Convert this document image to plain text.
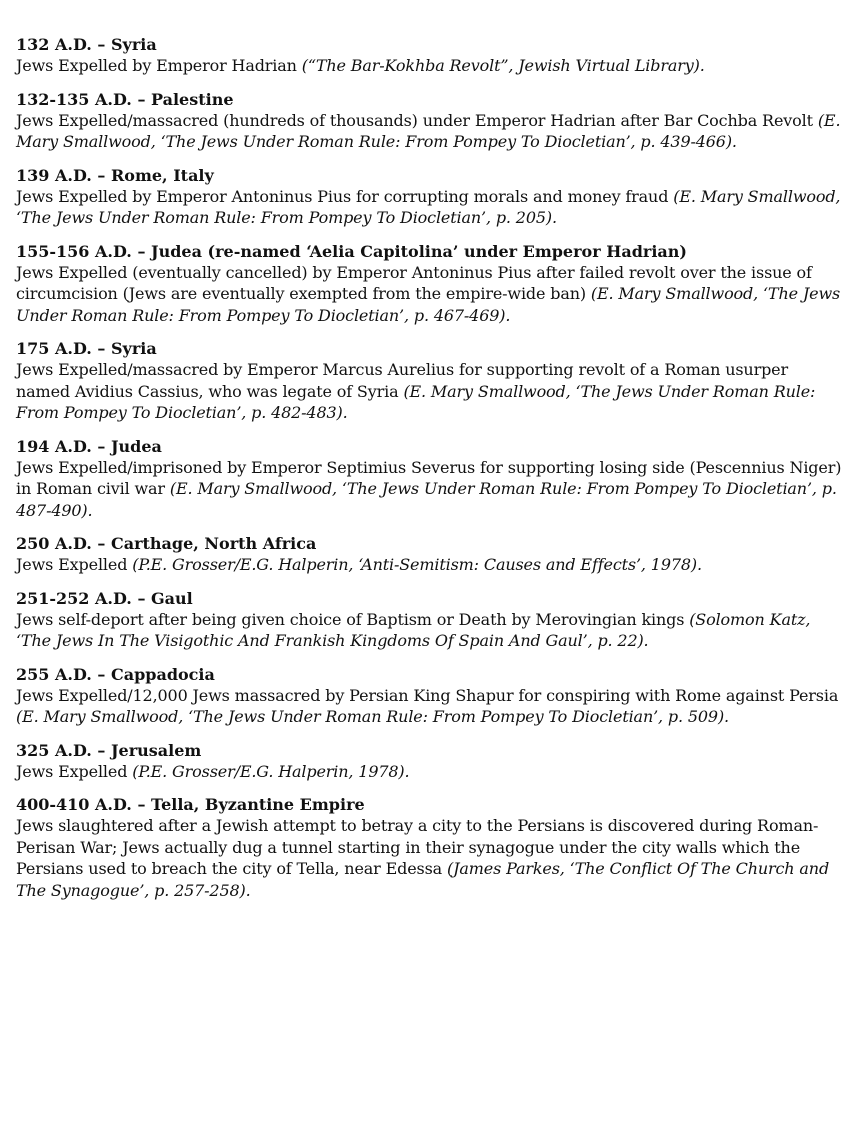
132 A.D. – Syria

Jews Expelled by Emperor Hadrian (“The Bar-Kokhba Revolt”, Jewish Virtual Library).

132-135 A.D. – Palestine

Jews Expelled/massacred (hundreds of thousands) under Emperor Hadrian after Bar Cochba Revolt (E. Mary Smallwood, ‘The Jews Under Roman Rule: From Pompey To Diocletian’, p. 439-466).

139 A.D. – Rome, Italy

Jews Expelled by Emperor Antoninus Pius for corrupting morals and money fraud (E. Mary Smallwood, ‘The Jews Under Roman Rule: From Pompey To Diocletian’, p. 205).

155-156 A.D. – Judea (re-named ‘Aelia Capitolina’ under Emperor Hadrian)

Jews Expelled (eventually cancelled) by Emperor Antoninus Pius after failed revolt over the issue of circumcision (Jews are eventually exempted from the empire-wide ban) (E. Mary Smallwood, ‘The Jews Under Roman Rule: From Pompey To Diocletian’, p. 467-469).

175 A.D. – Syria

Jews Expelled/massacred by Emperor Marcus Aurelius for supporting revolt of a Roman usurper named Avidius Cassius, who was legate of Syria (E. Mary Smallwood, ‘The Jews Under Roman Rule: From Pompey To Diocletian’, p. 482-483).

194 A.D. – Judea

Jews Expelled/imprisoned by Emperor Septimius Severus for supporting losing side (Pescennius Niger) in Roman civil war (E. Mary Smallwood, ‘The Jews Under Roman Rule: From Pompey To Diocletian’, p. 487-490).

250 A.D. – Carthage, North Africa

Jews Expelled (P.E. Grosser/E.G. Halperin, ‘Anti-Semitism: Causes and Effects’, 1978).

251-252 A.D. – Gaul

Jews self-deport after being given choice of Baptism or Death by Merovingian kings (Solomon Katz, ‘The Jews In The Visigothic And Frankish Kingdoms Of Spain And Gaul’, p. 22).

255 A.D. – Cappadocia

Jews Expelled/12,000 Jews massacred by Persian King Shapur for conspiring with Rome against Persia (E. Mary Smallwood, ‘The Jews Under Roman Rule: From Pompey To Diocletian’, p. 509).

325 A.D. – Jerusalem

Jews Expelled (P.E. Grosser/E.G. Halperin, 1978).

400-410 A.D. – Tella, Byzantine Empire

Jews slaughtered after a Jewish attempt to betray a city to the Persians is discovered during Roman-Perisan War; Jews actually dug a tunnel starting in their synagogue under the city walls which the Persians used to breach the city of Tella, near Edessa (James Parkes, ‘The Conflict Of The Church and The Synagogue’, p. 257-258).
